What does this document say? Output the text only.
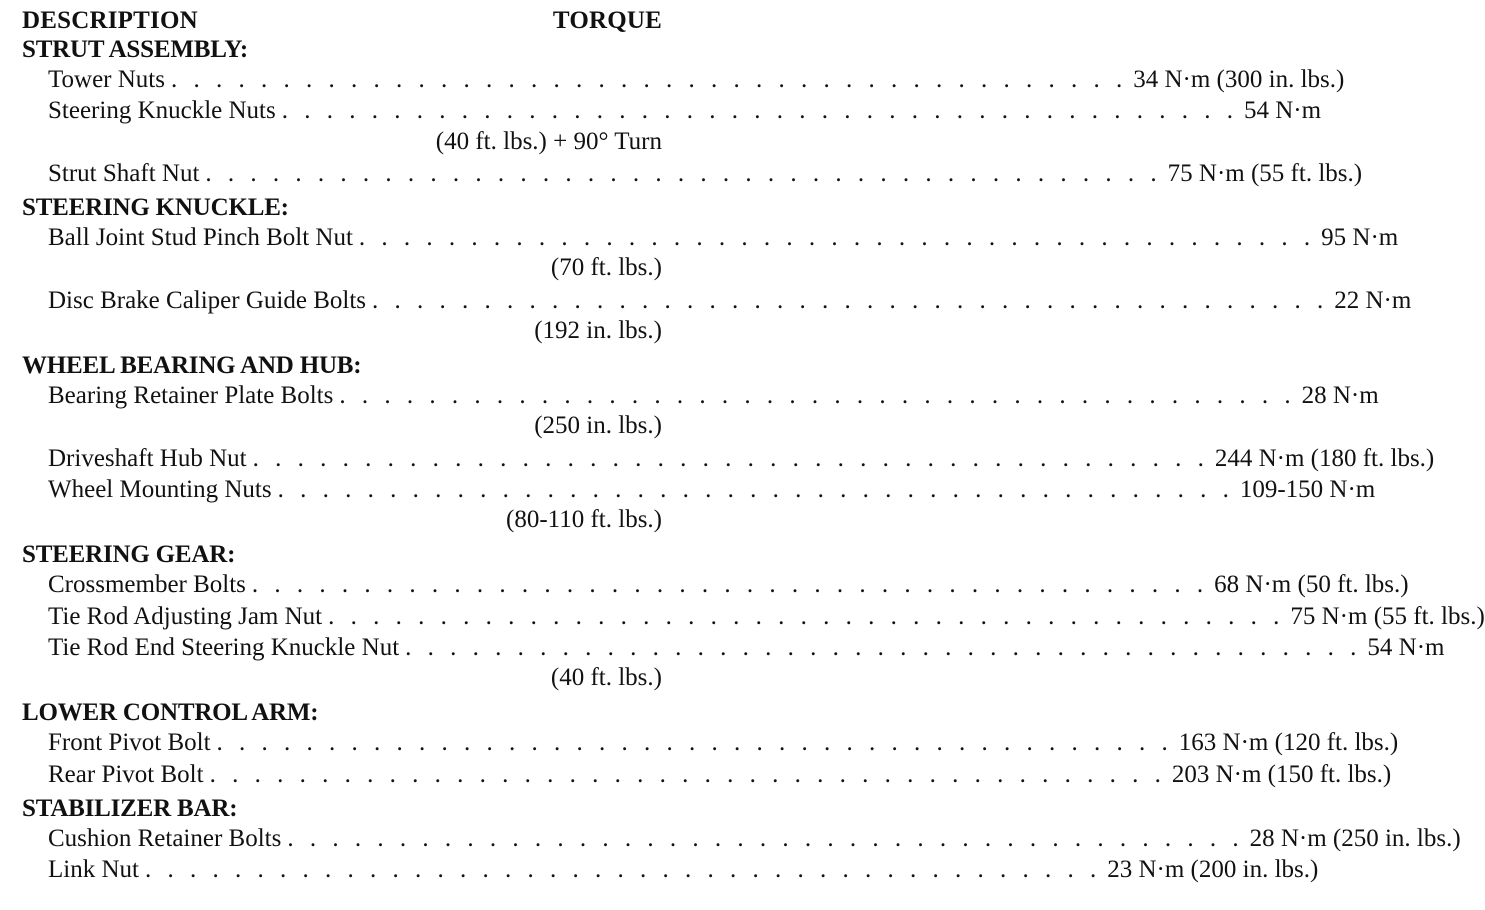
DESCRIPTION	TORQUE
STRUT ASSEMBLY:
Tower Nuts . . . . . . . . . . . . . . . . . . . . . . . . . . . . . . . . . . . . . . . . . . . 34 N·m (300 in. lbs.)
Steering Knuckle Nuts . . . . . . . . . . . . . . . . . . . . . . . . . . . . . . . . . . . . . . . . . . . 54 N·m
(40 ft. lbs.) + 90° Turn
Strut Shaft Nut . . . . . . . . . . . . . . . . . . . . . . . . . . . . . . . . . . . . . . . . . . . 75 N·m (55 ft. lbs.)
STEERING KNUCKLE:
Ball Joint Stud Pinch Bolt Nut . . . . . . . . . . . . . . . . . . . . . . . . . . . . . . . . . . . . . . . . . . . 95 N·m
(70 ft. lbs.)
Disc Brake Caliper Guide Bolts . . . . . . . . . . . . . . . . . . . . . . . . . . . . . . . . . . . . . . . . . . . 22 N·m
(192 in. lbs.)
WHEEL BEARING AND HUB:
Bearing Retainer Plate Bolts . . . . . . . . . . . . . . . . . . . . . . . . . . . . . . . . . . . . . . . . . . . 28 N·m
(250 in. lbs.)
Driveshaft Hub Nut . . . . . . . . . . . . . . . . . . . . . . . . . . . . . . . . . . . . . . . . . . . 244 N·m (180 ft. lbs.)
Wheel Mounting Nuts . . . . . . . . . . . . . . . . . . . . . . . . . . . . . . . . . . . . . . . . . . . 109-150 N·m
(80-110 ft. lbs.)
STEERING GEAR:
Crossmember Bolts . . . . . . . . . . . . . . . . . . . . . . . . . . . . . . . . . . . . . . . . . . . 68 N·m (50 ft. lbs.)
Tie Rod Adjusting Jam Nut . . . . . . . . . . . . . . . . . . . . . . . . . . . . . . . . . . . . . . . . . . . 75 N·m (55 ft. lbs.)
Tie Rod End Steering Knuckle Nut . . . . . . . . . . . . . . . . . . . . . . . . . . . . . . . . . . . . . . . . . . . 54 N·m
(40 ft. lbs.)
LOWER CONTROL ARM:
Front Pivot Bolt . . . . . . . . . . . . . . . . . . . . . . . . . . . . . . . . . . . . . . . . . . . 163 N·m (120 ft. lbs.)
Rear Pivot Bolt . . . . . . . . . . . . . . . . . . . . . . . . . . . . . . . . . . . . . . . . . . . 203 N·m (150 ft. lbs.)
STABILIZER BAR:
Cushion Retainer Bolts . . . . . . . . . . . . . . . . . . . . . . . . . . . . . . . . . . . . . . . . . . . 28 N·m (250 in. lbs.)
Link Nut . . . . . . . . . . . . . . . . . . . . . . . . . . . . . . . . . . . . . . . . . . . 23 N·m (200 in. lbs.)
